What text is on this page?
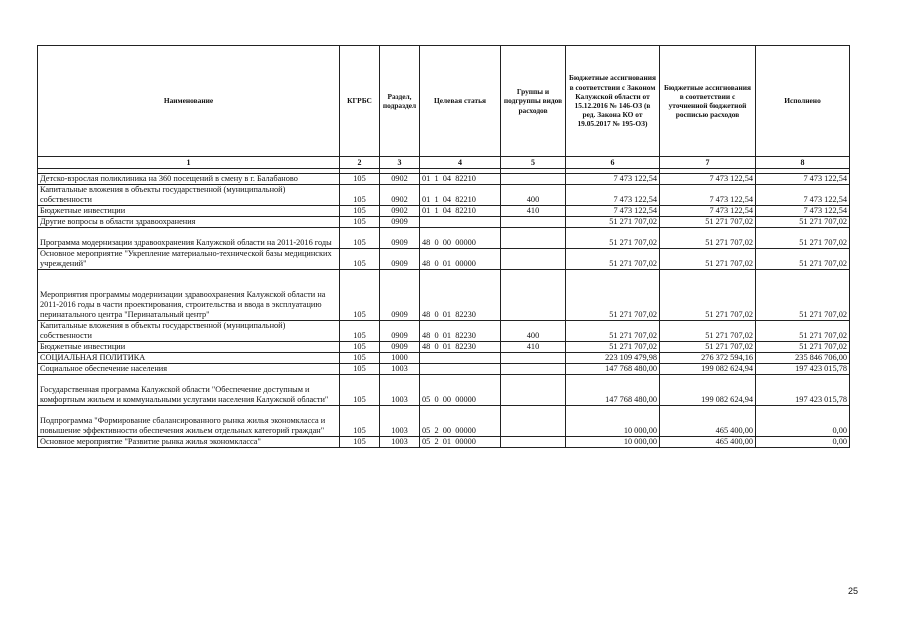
Наименование	КГРБС	Раздел, подраздел	Целевая статья	Группы и подгруппы видов расходов	Бюджетные ассигнования в соответствии с Законом Калужской области от 15.12.2016 № 146-ОЗ (в ред. Закона КО от 19.05.2017 № 195-ОЗ)	Бюджетные ассигнования в соответствии с уточненной бюджетной росписью расходов	Исполнено
1	2	3	4	5	6	7	8

Детско-взрослая поликлиника на 360 посещений в смену в г. Балабаново	105	0902	01  1  04  82210		7 473 122,54	7 473 122,54	7 473 122,54
Капитальные вложения в объекты государственной (муниципальной) собственности	105	0902	01  1  04  82210	400	7 473 122,54	7 473 122,54	7 473 122,54
Бюджетные инвестиции	105	0902	01  1  04  82210	410	7 473 122,54	7 473 122,54	7 473 122,54
Другие вопросы в области здравоохранения	105	0909			51 271 707,02	51 271 707,02	51 271 707,02
Программа модернизации здравоохранения Калужской области на 2011-2016 годы	105	0909	48  0  00  00000		51 271 707,02	51 271 707,02	51 271 707,02
Основное мероприятие "Укрепление материально-технической базы медицинских учреждений"	105	0909	48  0  01  00000		51 271 707,02	51 271 707,02	51 271 707,02
Мероприятия программы модернизации здравоохранения Калужской области на 2011-2016 годы в части проектирования, строительства и ввода в эксплуатацию перинатального центра "Перинатальный центр"	105	0909	48  0  01  82230		51 271 707,02	51 271 707,02	51 271 707,02
Капитальные вложения в объекты государственной (муниципальной) собственности	105	0909	48  0  01  82230	400	51 271 707,02	51 271 707,02	51 271 707,02
Бюджетные инвестиции	105	0909	48  0  01  82230	410	51 271 707,02	51 271 707,02	51 271 707,02
СОЦИАЛЬНАЯ ПОЛИТИКА	105	1000			223 109 479,98	276 372 594,16	235 846 706,00
Социальное обеспечение населения	105	1003			147 768 480,00	199 082 624,94	197 423 015,78
Государственная программа Калужской области "Обеспечение доступным и комфортным жильем и коммунальными услугами населения Калужской области"	105	1003	05  0  00  00000		147 768 480,00	199 082 624,94	197 423 015,78
Подпрограмма "Формирование сбалансированного рынка жилья экономкласса и повышение эффективности обеспечения жильем отдельных категорий граждан"	105	1003	05  2  00  00000		10 000,00	465 400,00	0,00
Основное мероприятие "Развитие рынка жилья экономкласса"	105	1003	05  2  01  00000		10 000,00	465 400,00	0,00
25
